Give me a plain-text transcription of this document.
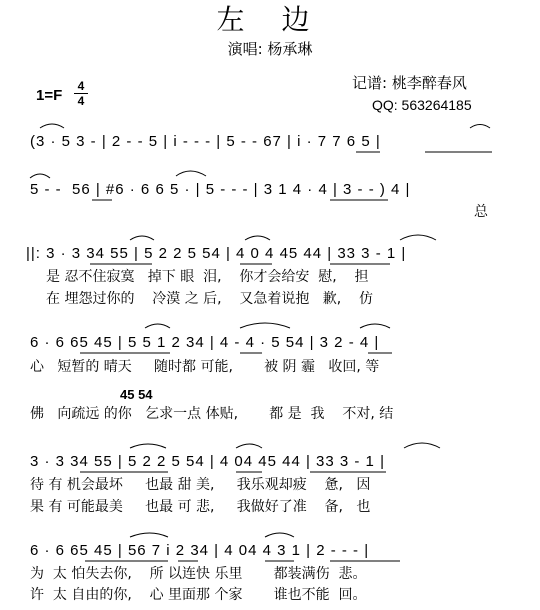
左 边
演唱: 杨承琳
1=F
4
4
记谱: 桃李醉春风
QQ: 563264185
(3 · 5 3 - | 2 - - 5 | i - - - | 5 - - 67 | i · 7 7 6 5 |
5 - -  56 | #6 · 6 6 5 · | 5 - - - | 3 1 4 · 4 | 3 - - ) 4 |
总
||: 3 · 3 34 55 | 5 2 2 5 54 | 4 0 4 45 44 | 33 3 - 1 |
是 忍不住寂寞   掉下 眼  泪,    你才会给安  慰,    担
在 埋怨过你的    冷漠 之 后,    又急着说抱   歉,    仿
6 · 6 65 45 | 5 5 1 2 34 | 4 - 4 · 5 54 | 3 2 - 4 |
心   短暂的 晴天     随时都 可能,       被 阴 霾   收回, 等
45 54
佛   向疏远 的你   乞求一点 体贴,       都 是  我    不对, 结
3 · 3 34 55 | 5 2 2 5 54 | 4 04 45 44 | 33 3 - 1 |
待 有 机会最坏     也最 甜 美,     我乐观却疲    惫,   因
果 有 可能最美     也最 可 悲,     我做好了准    备,   也
6 · 6 65 45 | 56 7 i 2 34 | 4 04 4 3 1 | 2 - - - |
为  太 怕失去你,    所 以连快 乐里       都装满伤  悲。
许  太 自由的你,    心 里面那 个家       谁也不能  回。
